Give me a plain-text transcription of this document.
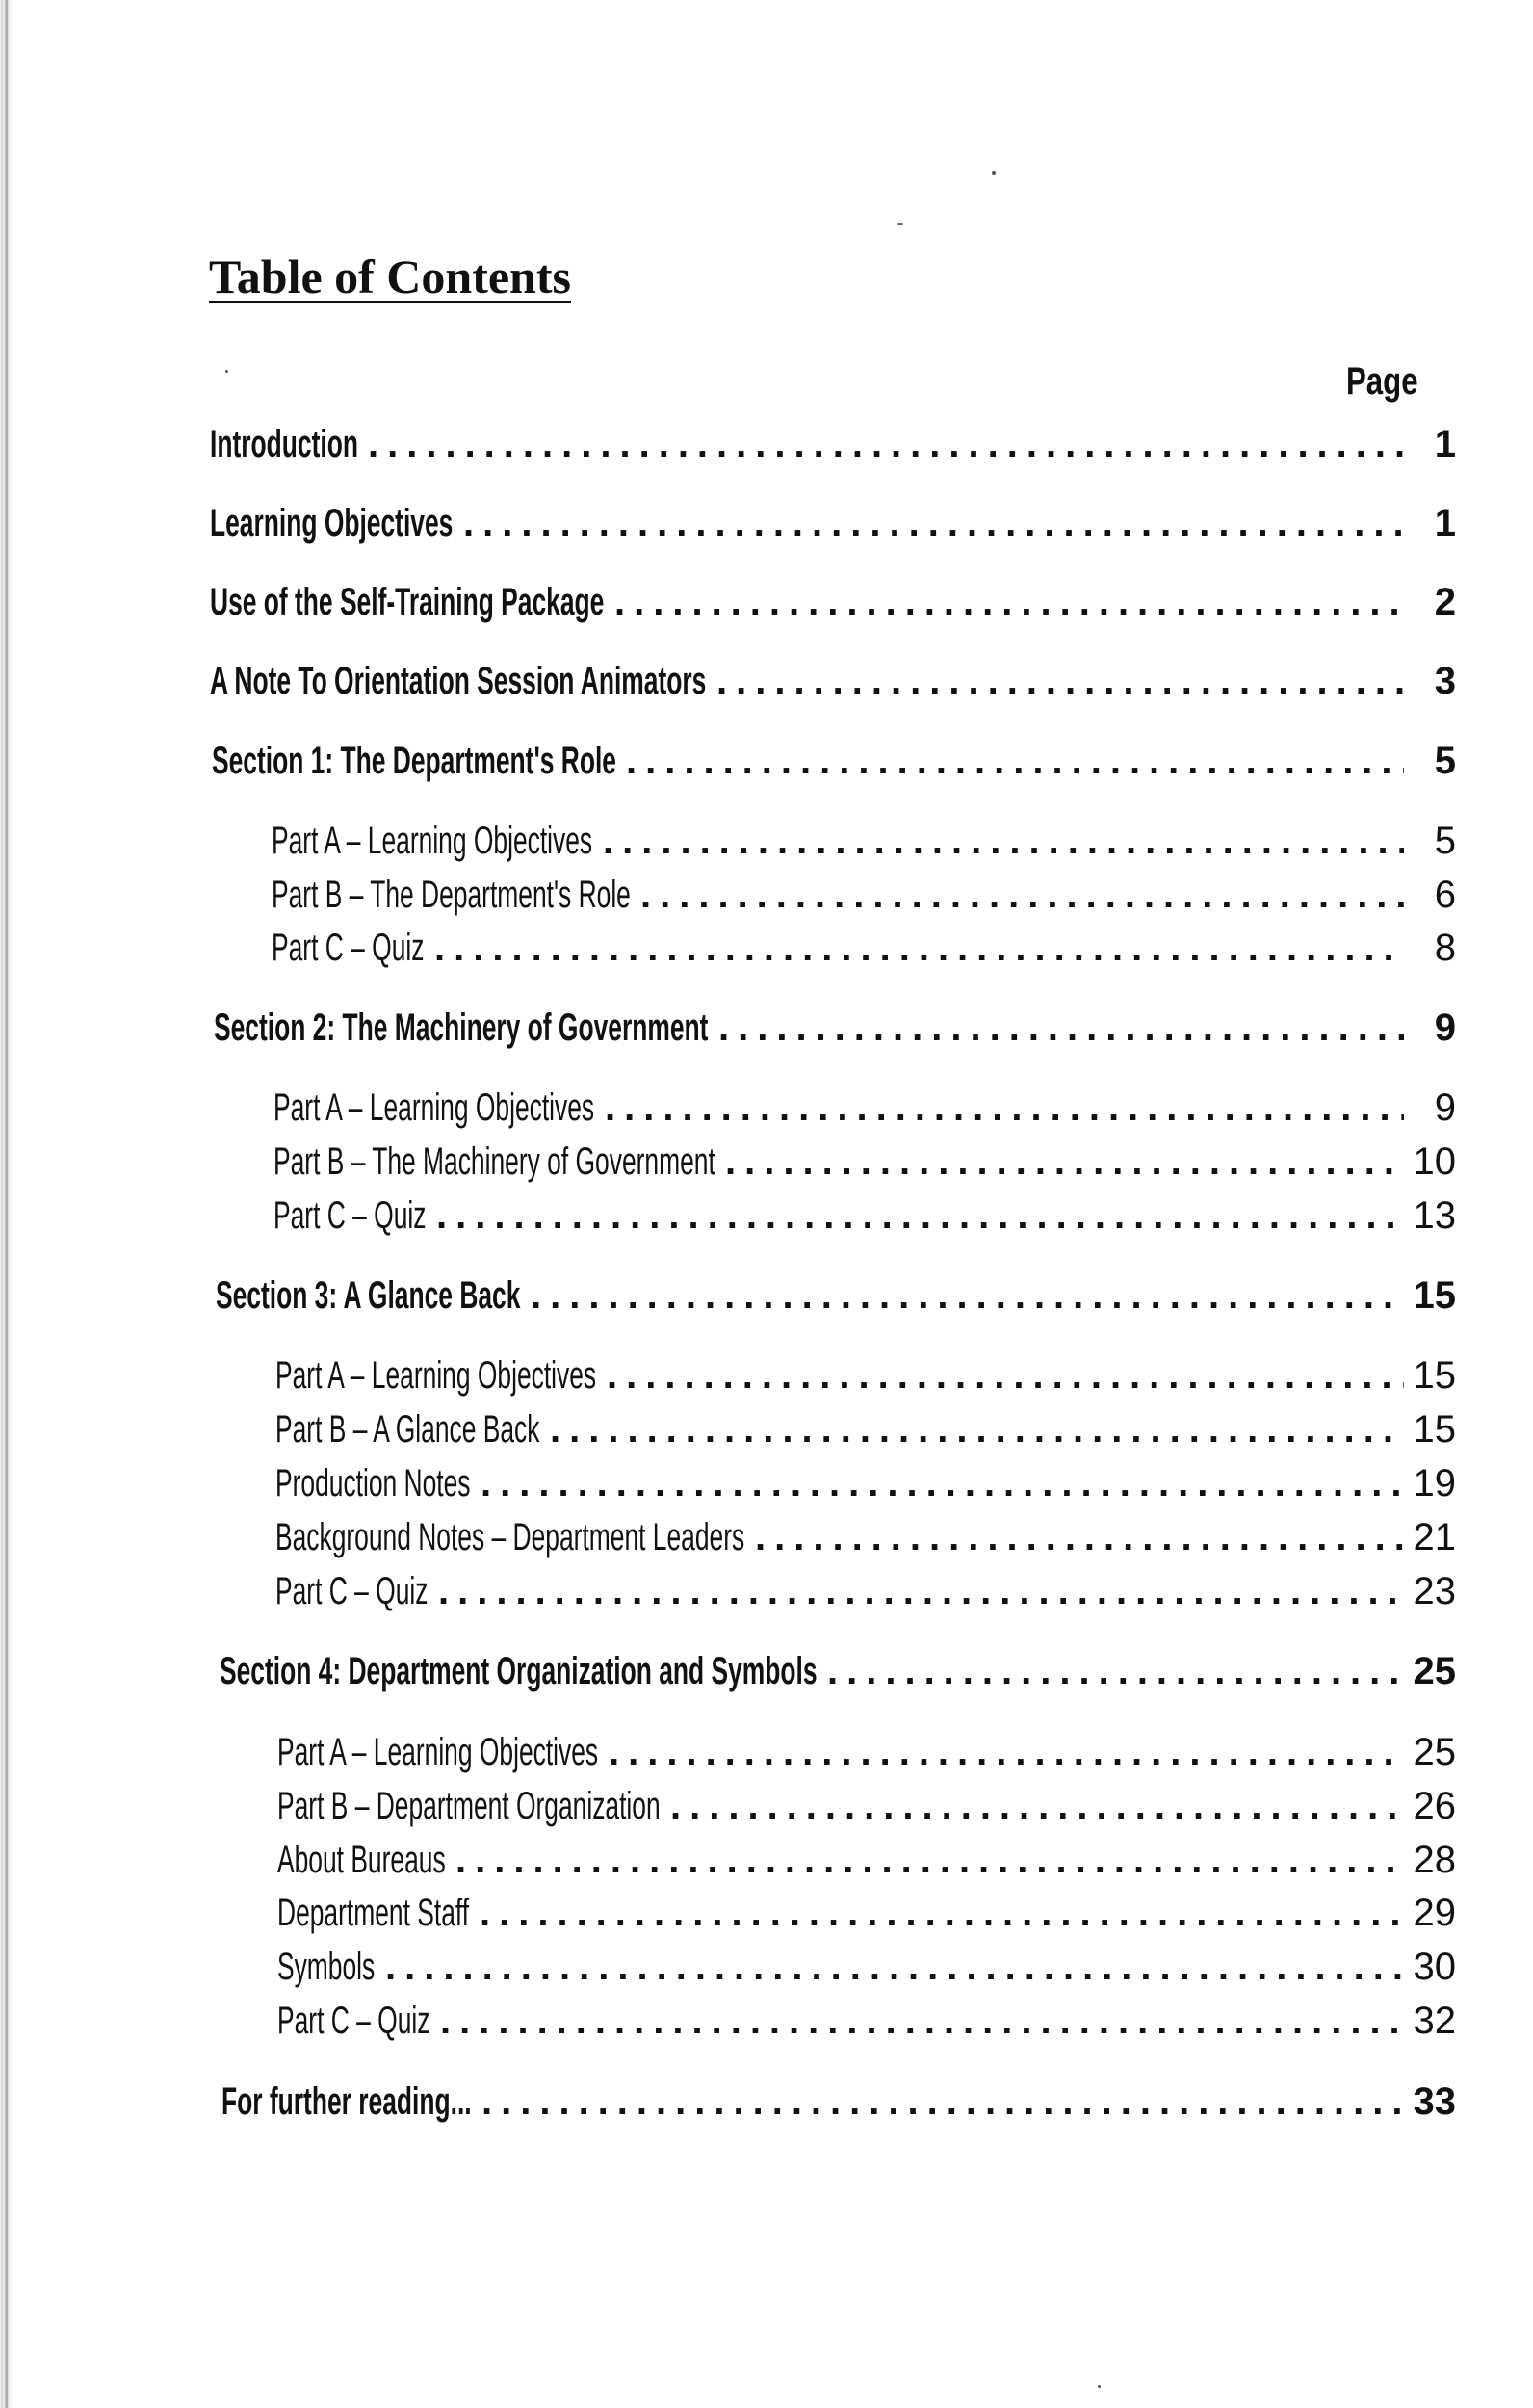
Table of Contents
Page
Introduction .....	1
Learning Objectives .....	1
Use of the Self-Training Package .....	2
A Note To Orientation Session Animators .....	3
Section 1: The Department's Role .....	5
Part A – Learning Objectives .....	5
Part B – The Department's Role .....	6
Part C – Quiz .....	8
Section 2: The Machinery of Government .....	9
Part A – Learning Objectives .....	9
Part B – The Machinery of Government .....	10
Part C – Quiz .....	13
Section 3: A Glance Back .....	15
Part A – Learning Objectives .....	15
Part B – A Glance Back .....	15
Production Notes .....	19
Background Notes – Department Leaders .....	21
Part C – Quiz .....	23
Section 4: Department Organization and Symbols .....	25
Part A – Learning Objectives .....	25
Part B – Department Organization .....	26
About Bureaus .....	28
Department Staff .....	29
Symbols .....	30
Part C – Quiz .....	32
For further reading... .....	33
